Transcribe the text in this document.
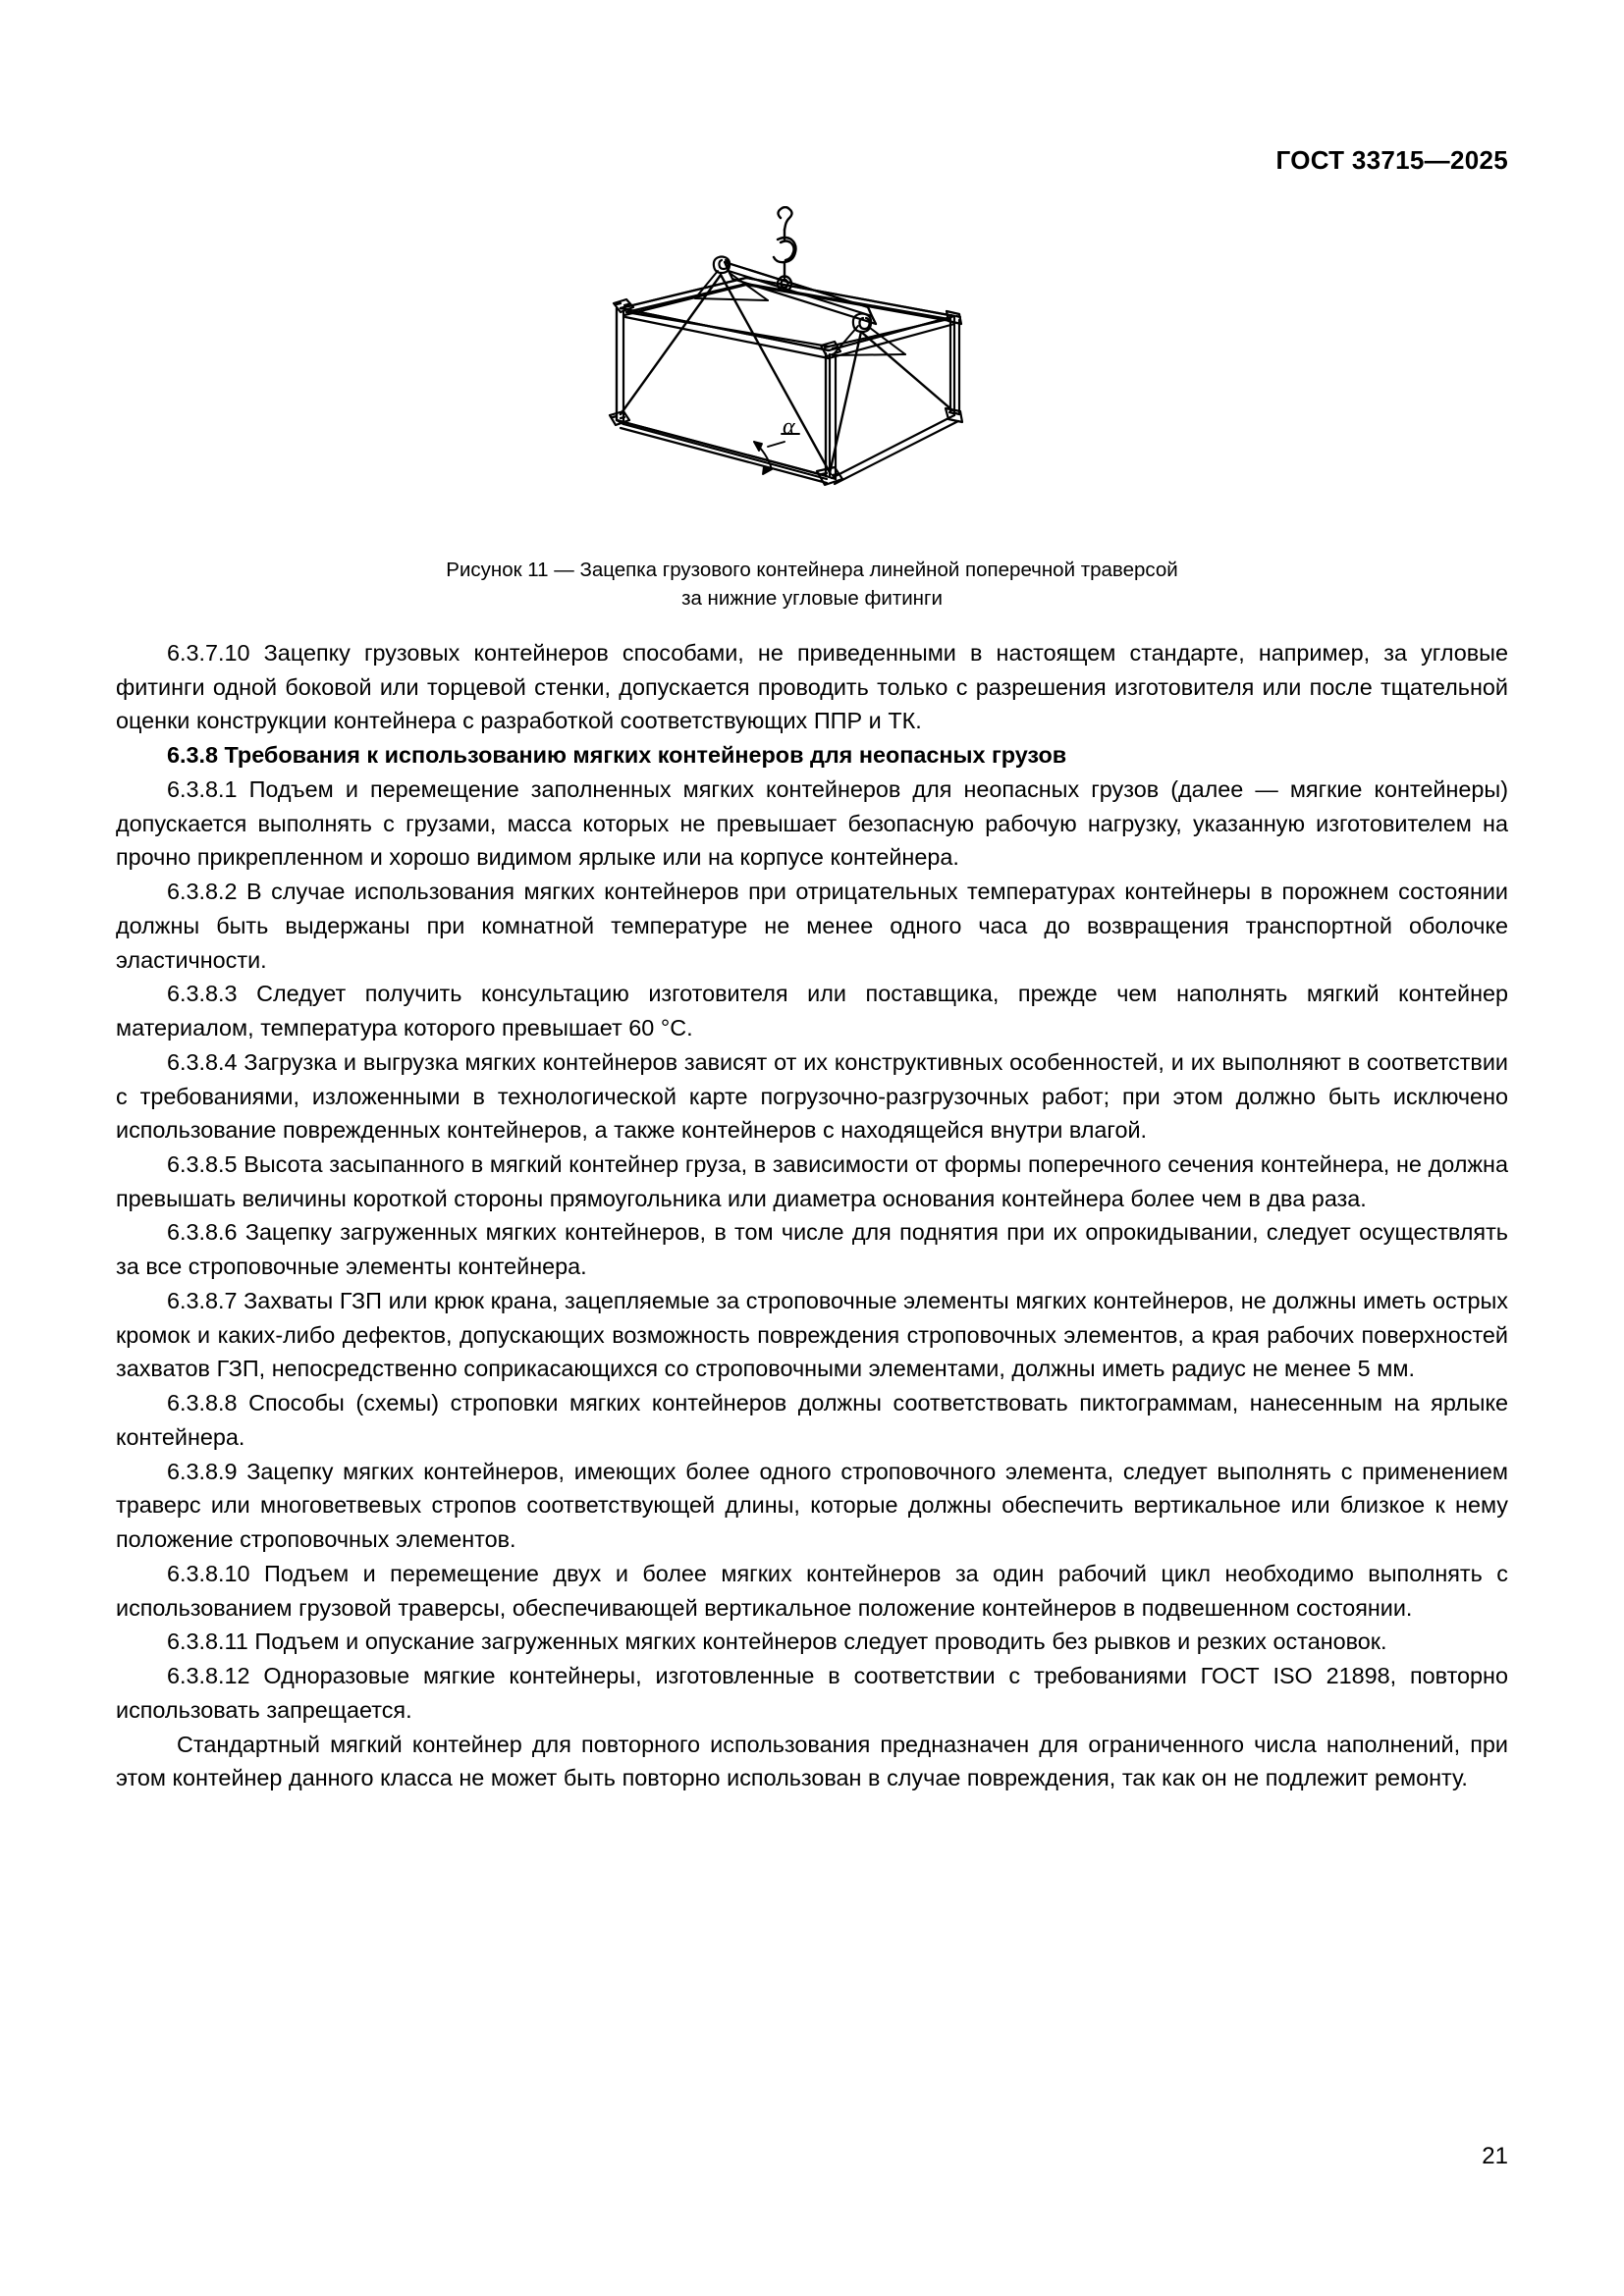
ГОСТ 33715—2025
α
Рисунок 11 — Зацепка грузового контейнера линейной поперечной траверсой
за нижние угловые фитинги

6.3.7.10 Зацепку грузовых контейнеров способами, не приведенными в настоящем стандарте, например, за угловые фитинги одной боковой или торцевой стенки, допускается проводить только с разрешения изготовителя или после тщательной оценки конструкции контейнера с разработкой соответствующих ППР и ТК.

6.3.8 Требования к использованию мягких контейнеров для неопасных грузов

6.3.8.1 Подъем и перемещение заполненных мягких контейнеров для неопасных грузов (далее — мягкие контейнеры) допускается выполнять с грузами, масса которых не превышает безопасную рабочую нагрузку, указанную изготовителем на прочно прикрепленном и хорошо видимом ярлыке или на корпусе контейнера.

6.3.8.2 В случае использования мягких контейнеров при отрицательных температурах контейнеры в порожнем состоянии должны быть выдержаны при комнатной температуре не менее одного часа до возвращения транспортной оболочке эластичности.

6.3.8.3 Следует получить консультацию изготовителя или поставщика, прежде чем наполнять мягкий контейнер материалом, температура которого превышает 60 °С.

6.3.8.4 Загрузка и выгрузка мягких контейнеров зависят от их конструктивных особенностей, и их выполняют в соответствии с требованиями, изложенными в технологической карте погрузочно-разгрузочных работ; при этом должно быть исключено использование поврежденных контейнеров, а также контейнеров с находящейся внутри влагой.

6.3.8.5 Высота засыпанного в мягкий контейнер груза, в зависимости от формы поперечного сечения контейнера, не должна превышать величины короткой стороны прямоугольника или диаметра основания контейнера более чем в два раза.

6.3.8.6 Зацепку загруженных мягких контейнеров, в том числе для поднятия при их опрокидывании, следует осуществлять за все строповочные элементы контейнера.

6.3.8.7 Захваты ГЗП или крюк крана, зацепляемые за строповочные элементы мягких контейнеров, не должны иметь острых кромок и каких-либо дефектов, допускающих возможность повреждения строповочных элементов, а края рабочих поверхностей захватов ГЗП, непосредственно соприкасающихся со строповочными элементами, должны иметь радиус не менее 5 мм.

6.3.8.8 Способы (схемы) строповки мягких контейнеров должны соответствовать пиктограммам, нанесенным на ярлыке контейнера.

6.3.8.9 Зацепку мягких контейнеров, имеющих более одного строповочного элемента, следует выполнять с применением траверс или многоветвевых стропов соответствующей длины, которые должны обеспечить вертикальное или близкое к нему положение строповочных элементов.

6.3.8.10 Подъем и перемещение двух и более мягких контейнеров за один рабочий цикл необходимо выполнять с использованием грузовой траверсы, обеспечивающей вертикальное положение контейнеров в подвешенном состоянии.

6.3.8.11 Подъем и опускание загруженных мягких контейнеров следует проводить без рывков и резких остановок.

6.3.8.12 Одноразовые мягкие контейнеры, изготовленные в соответствии с требованиями ГОСТ ISO 21898, повторно использовать запрещается.

Стандартный мягкий контейнер для повторного использования предназначен для ограниченного числа наполнений, при этом контейнер данного класса не может быть повторно использован в случае повреждения, так как он не подлежит ремонту.

21
